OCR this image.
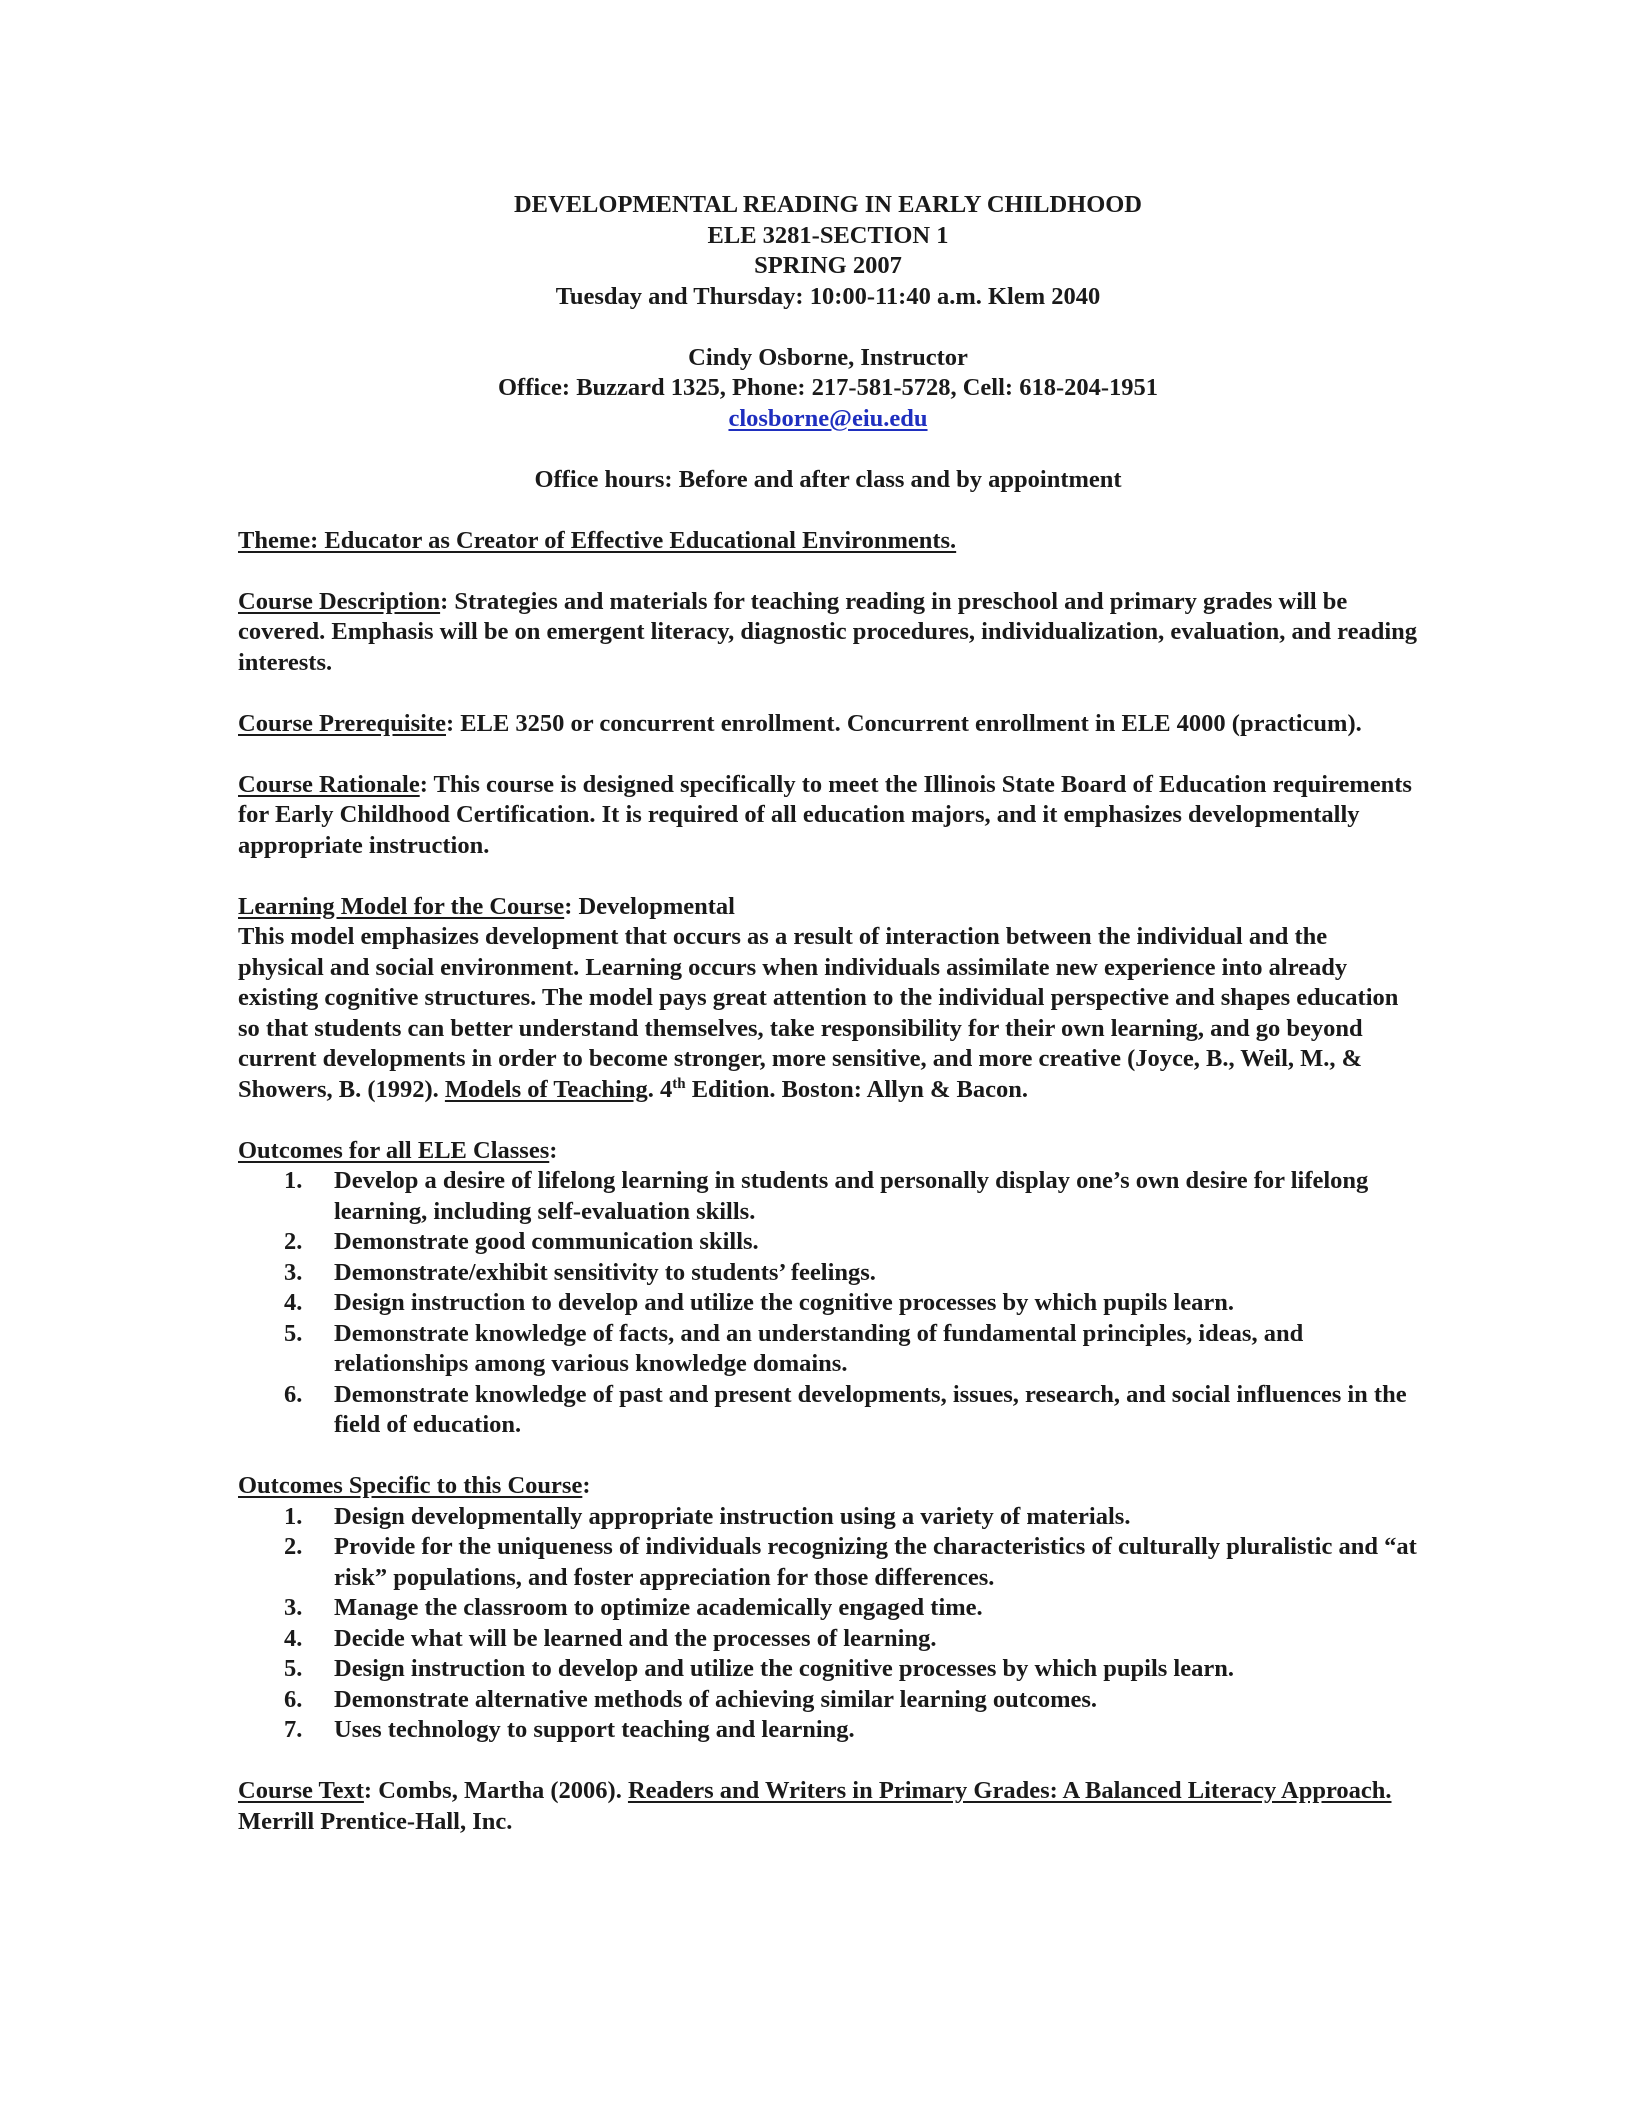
DEVELOPMENTAL READING IN EARLY CHILDHOOD
ELE 3281-SECTION 1
SPRING 2007
Tuesday and Thursday: 10:00-11:40 a.m. Klem 2040
Cindy Osborne, Instructor
Office: Buzzard 1325, Phone: 217-581-5728, Cell: 618-204-1951
closborne@eiu.edu
Office hours: Before and after class and by appointment

Theme: Educator as Creator of Effective Educational Environments.

Course Description: Strategies and materials for teaching reading in preschool and primary grades will be covered. Emphasis will be on emergent literacy, diagnostic procedures, individualization, evaluation, and reading interests.

Course Prerequisite: ELE 3250 or concurrent enrollment. Concurrent enrollment in ELE 4000 (practicum).

Course Rationale: This course is designed specifically to meet the Illinois State Board of Education requirements for Early Childhood Certification. It is required of all education majors, and it emphasizes developmentally appropriate instruction.

Learning Model for the Course: Developmental

This model emphasizes development that occurs as a result of interaction between the individual and the physical and social environment. Learning occurs when individuals assimilate new experience into already existing cognitive structures. The model pays great attention to the individual perspective and shapes education so that students can better understand themselves, take responsibility for their own learning, and go beyond current developments in order to become stronger, more sensitive, and more creative (Joyce, B., Weil, M., & Showers, B. (1992). Models of Teaching. 4th Edition. Boston: Allyn & Bacon.

Outcomes for all ELE Classes:

1.	Develop a desire of lifelong learning in students and personally display one’s own desire for lifelong learning, including self-evaluation skills.
2.	Demonstrate good communication skills.
3.	Demonstrate/exhibit sensitivity to students’ feelings.
4.	Design instruction to develop and utilize the cognitive processes by which pupils learn.
5.	Demonstrate knowledge of facts, and an understanding of fundamental principles, ideas, and relationships among various knowledge domains.
6.	Demonstrate knowledge of past and present developments, issues, research, and social influences in the field of education.

Outcomes Specific to this Course:

1.	Design developmentally appropriate instruction using a variety of materials.
2.	Provide for the uniqueness of individuals recognizing the characteristics of culturally pluralistic and “at risk” populations, and foster appreciation for those differences.
3.	Manage the classroom to optimize academically engaged time.
4.	Decide what will be learned and the processes of learning.
5.	Design instruction to develop and utilize the cognitive processes by which pupils learn.
6.	Demonstrate alternative methods of achieving similar learning outcomes.
7.	Uses technology to support teaching and learning.

Course Text: Combs, Martha (2006). Readers and Writers in Primary Grades: A Balanced Literacy Approach. Merrill Prentice-Hall, Inc.
